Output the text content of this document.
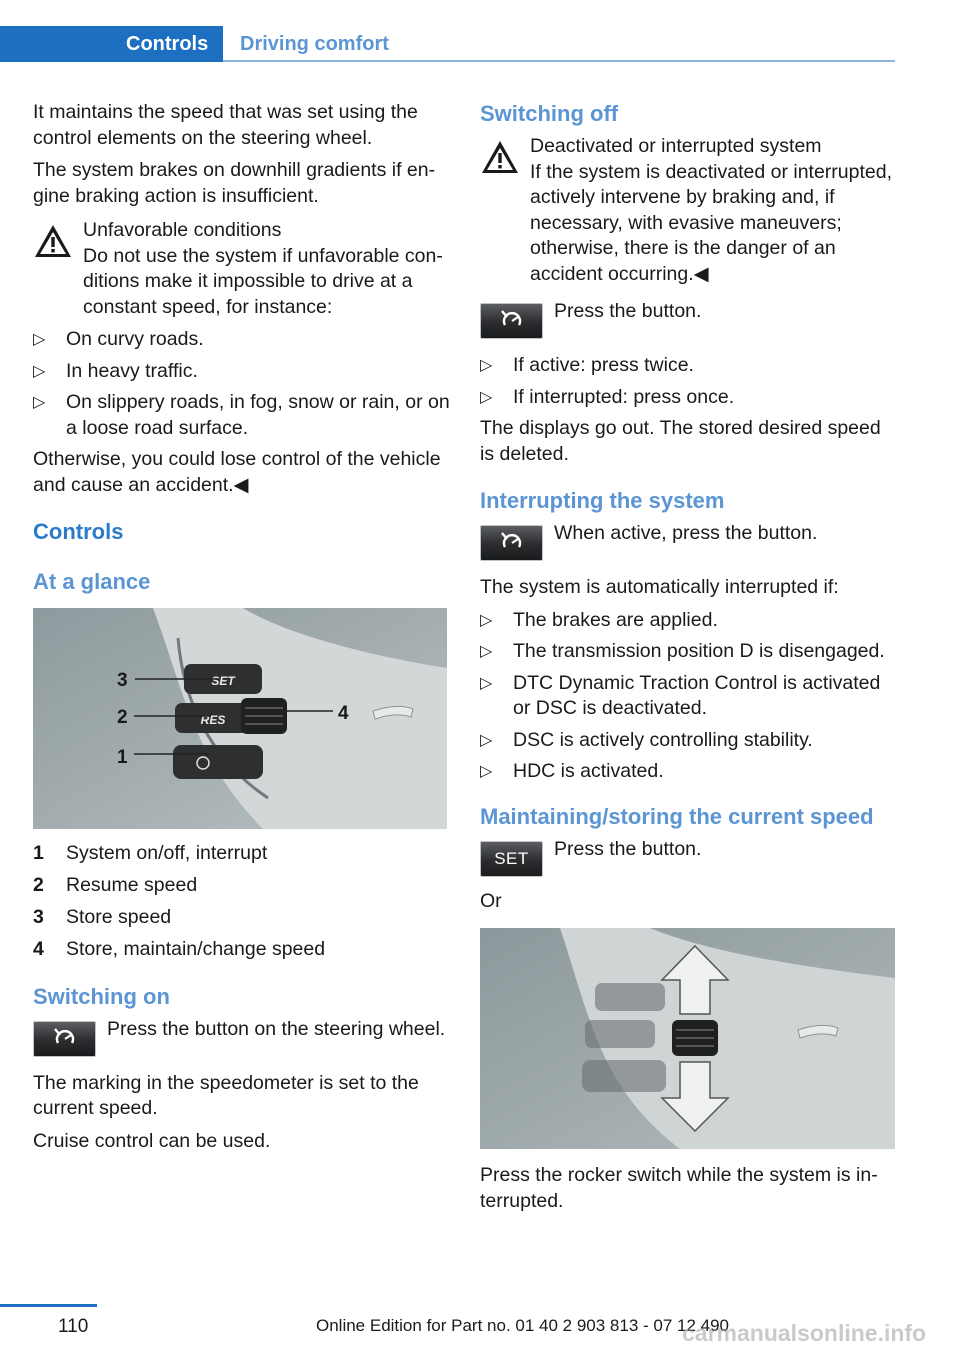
Controls	Driving comfort

It maintains the speed that was set using the control elements on the steering wheel.

The system brakes on downhill gradients if en‐gine braking action is insufficient.

Unfavorable conditions

Do not use the system if unfavorable con‐ditions make it impossible to drive at a constant speed, for instance:

▷ On curvy roads.
▷ In heavy traffic.
▷ On slippery roads, in fog, snow or rain, or on a loose road surface.

Otherwise, you could lose control of the vehicle and cause an accident.◀

Controls
At a glance
SET
RES
3
2
1
4
1	System on/off, interrupt
2	Resume speed
3	Store speed
4	Store, maintain/change speed
Switching on
Press the button on the steering wheel.

The marking in the speedometer is set to the current speed.

Cruise control can be used.

Switching off
Deactivated or interrupted system

If the system is deactivated or interrupted, actively intervene by braking and, if necessary, with evasive maneuvers; otherwise, there is the danger of an accident occurring.◀

Press the button.
▷ If active: press twice.
▷ If interrupted: press once.

The displays go out. The stored desired speed is deleted.

Interrupting the system
When active, press the button.

The system is automatically interrupted if:

▷ The brakes are applied.
▷ The transmission position D is disengaged.
▷ DTC Dynamic Traction Control is activated or DSC is deactivated.
▷ DSC is actively controlling stability.
▷ HDC is activated.
Maintaining/storing the current speed
SET	Press the button.

Or

Press the rocker switch while the system is in‐terrupted.

110	Online Edition for Part no. 01 40 2 903 813 - 07 12 490
carmanualsonline.info
